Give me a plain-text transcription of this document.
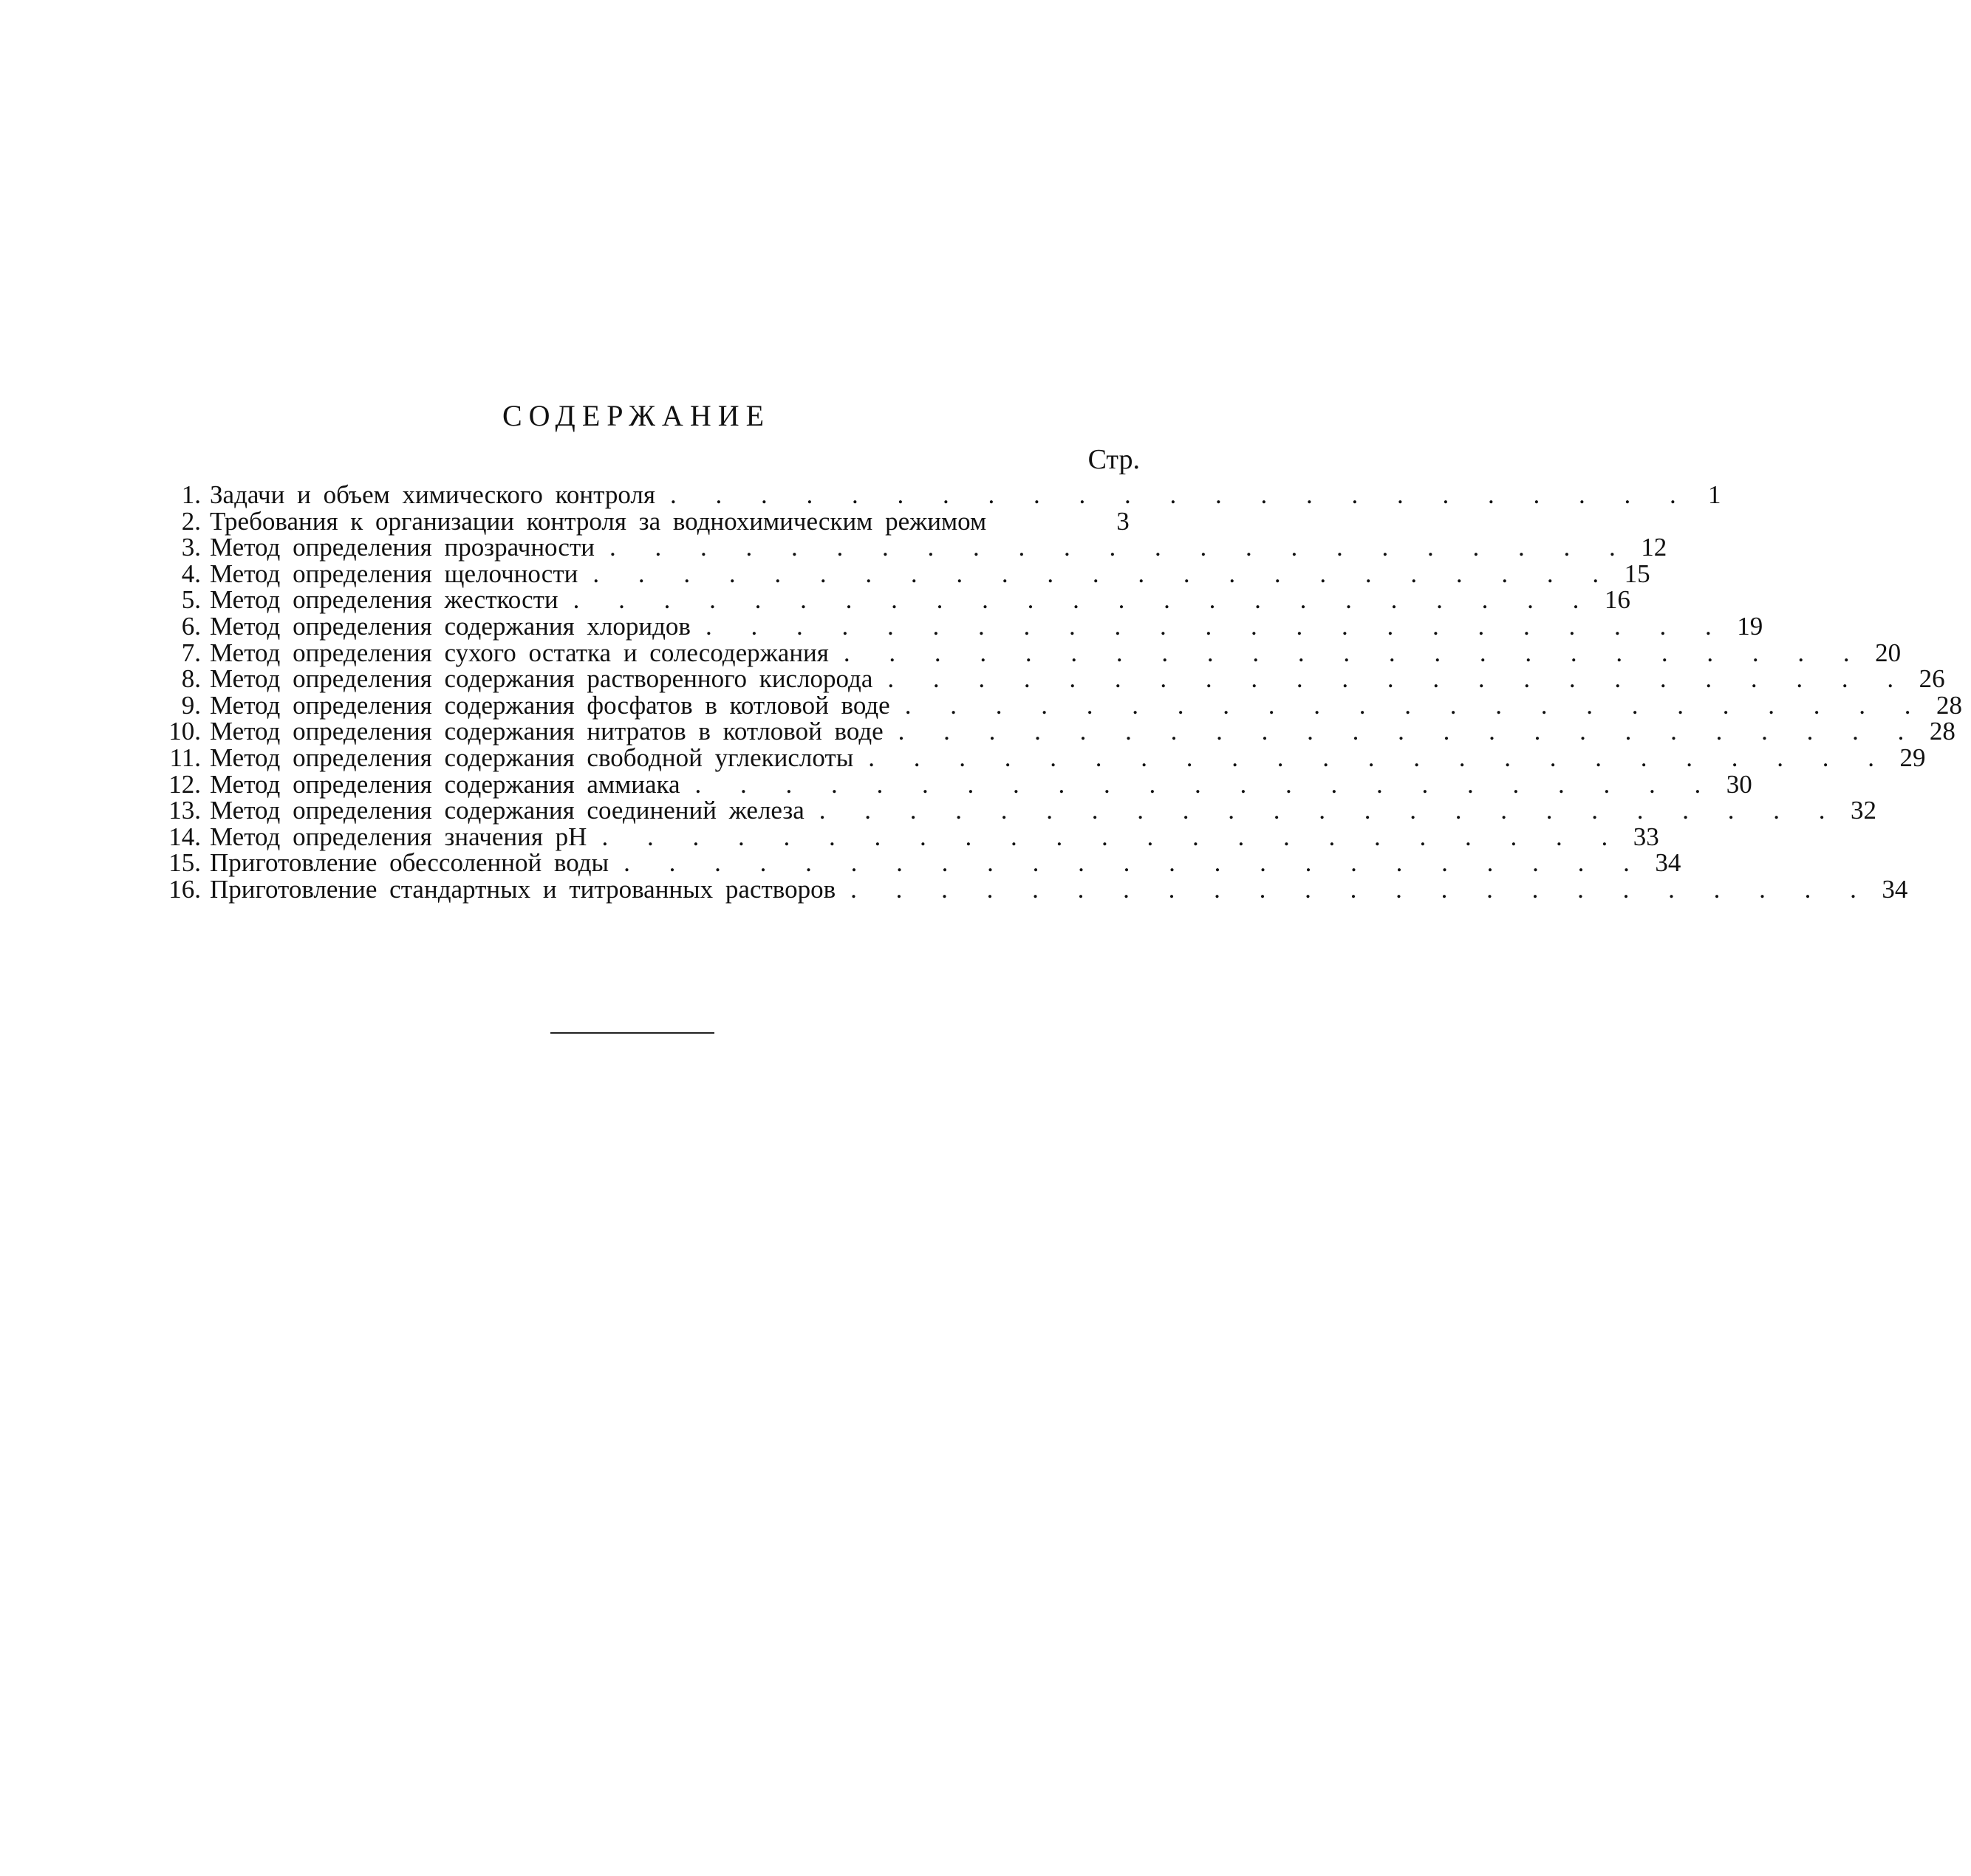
СОДЕРЖАНИЕ
Стр.
1. Задачи и объем химического контроля . . . . . . . . . . . . . . . . . . . . . . . 1
2. Требования к организации контроля за воднохимическим режимом	3
3. Метод определения прозрачности . . . . . . . . . . . . . . . . . . . . . . . 12
4. Метод определения щелочности . . . . . . . . . . . . . . . . . . . . . . . 15
5. Метод определения жесткости . . . . . . . . . . . . . . . . . . . . . . . 16
6. Метод определения содержания хлоридов . . . . . . . . . . . . . . . . . . . . . . . 19
7. Метод определения сухого остатка и солесодержания . . . . . . . . . . . . . . . . . . . . . . . 20
8. Метод определения содержания растворенного кислорода . . . . . . . . . . . . . . . . . . . . . . . 26
9. Метод определения содержания фосфатов в котловой воде . . . . . . . . . . . . . . . . . . . . . . . 28
10. Метод определения содержания нитратов в котловой воде . . . . . . . . . . . . . . . . . . . . . . . 28
11. Метод определения содержания свободной углекислоты . . . . . . . . . . . . . . . . . . . . . . . 29
12. Метод определения содержания аммиака . . . . . . . . . . . . . . . . . . . . . . . 30
13. Метод определения содержания соединений железа . . . . . . . . . . . . . . . . . . . . . . . 32
14. Метод определения значения pH . . . . . . . . . . . . . . . . . . . . . . . 33
15. Приготовление обессоленной воды . . . . . . . . . . . . . . . . . . . . . . . 34
16. Приготовление стандартных и титрованных растворов . . . . . . . . . . . . . . . . . . . . . . . 34
